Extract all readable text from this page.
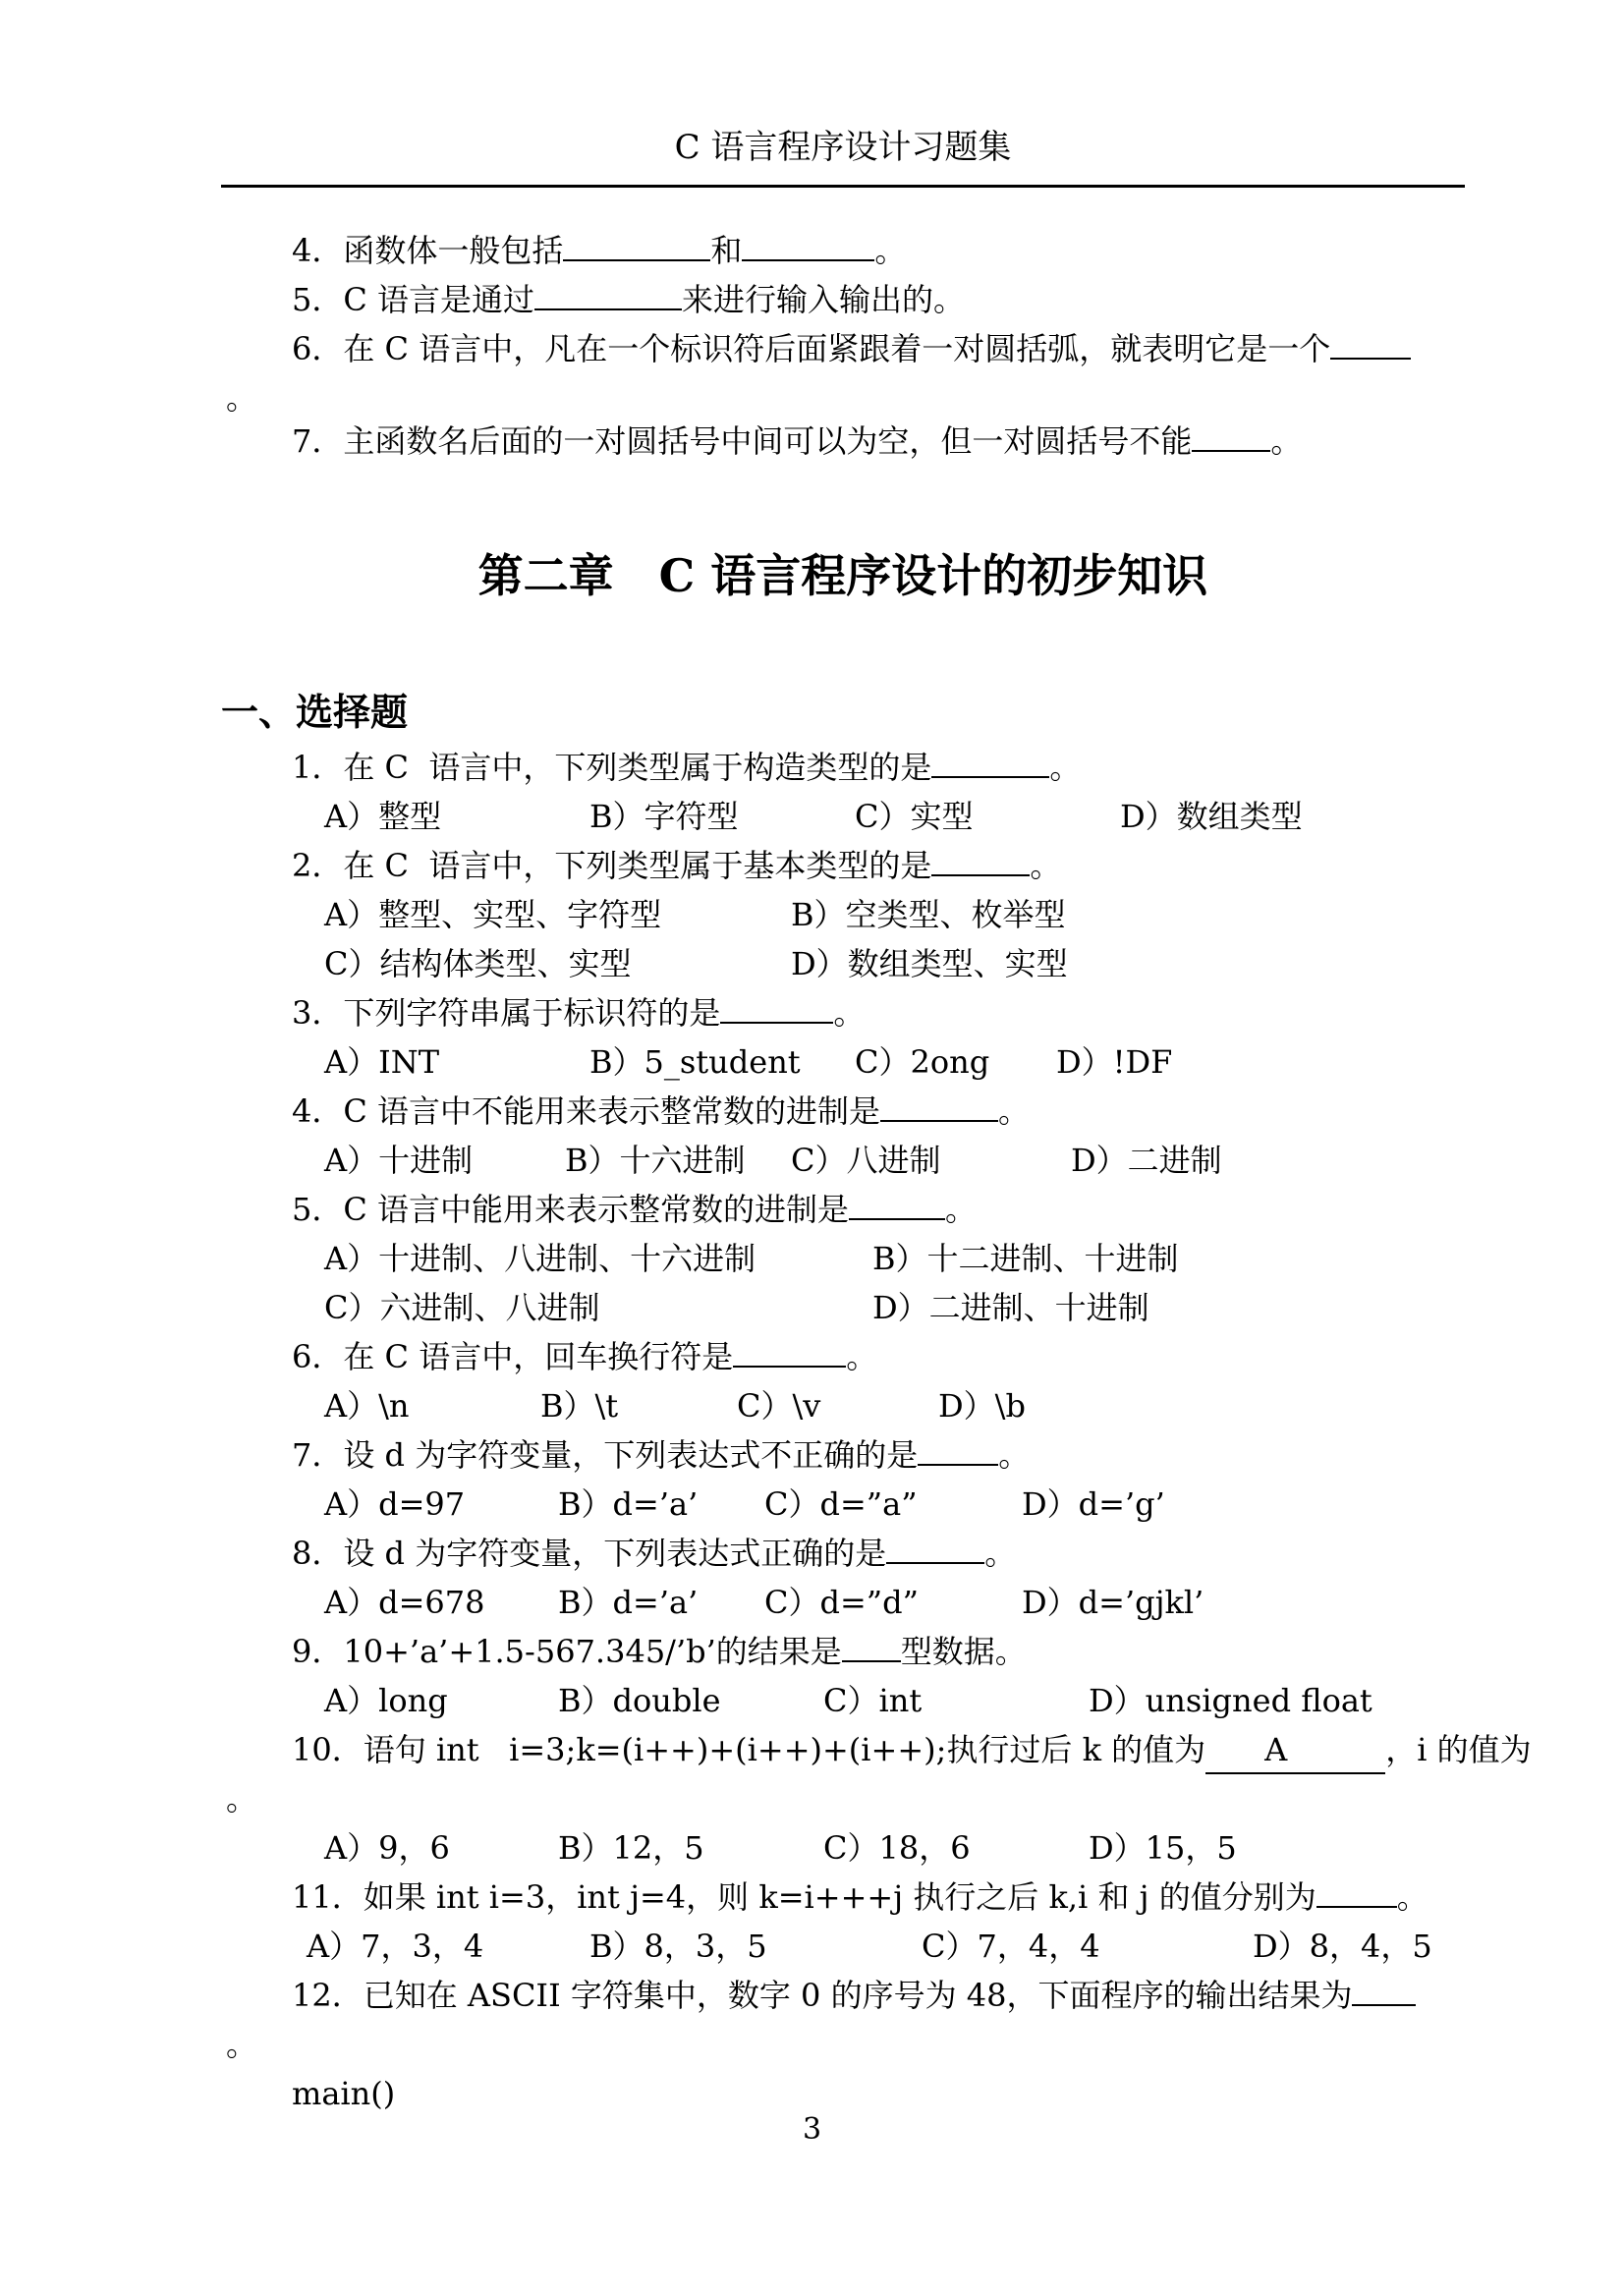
C 语言程序设计习题集
4．函数体一般包括	和	。
5．C 语言是通过	来进行输入输出的。
6．在 C 语言中，凡在一个标识符后面紧跟着一对圆括弧，就表明它是一个
。
7．主函数名后面的一对圆括号中间可以为空，但一对圆括号不能	。
第二章　C 语言程序设计的初步知识
一、选择题
1．在 C  语言中，下列类型属于构造类型的是	。
A）整型	B）字符型	C）实型	D）数组类型
2．在 C  语言中，下列类型属于基本类型的是	。
A）整型、实型、字符型	B）空类型、枚举型
C）结构体类型、实型	D）数组类型、实型
3．下列字符串属于标识符的是	。
A）INT	B）5_student C）2ong D）!DF
4．C 语言中不能用来表示整常数的进制是	。
A）十进制	B）十六进制 C）八进制	D）二进制
5．C 语言中能用来表示整常数的进制是	。
A）十进制、八进制、十六进制	B）十二进制、十进制
C）六进制、八进制	D）二进制、十进制
6．在 C 语言中，回车换行符是	。
A）\n	B）\t	C）\v	D）\b
7．设 d 为字符变量，下列表达式不正确的是	。
A）d=97	B）d=’a’ C）d=”a”	D）d=’g’
8．设 d 为字符变量，下列表达式正确的是	。
A）d=678 B）d=’a’ C）d=”d”	D）d=’gjkl’
9．10+’a’+1.5-567.345/’b’的结果是 型数据。
A）long	B）double	C）int	D）unsigned float
10．语句 int   i=3;k=(i++)+(i++)+(i++);执行过后 k 的值为 A	，i 的值为
。
A）9，6	B）12，5	C）18，6	D）15，5
11．如果 int i=3，int j=4，则 k=i+++j 执行之后 k,i 和 j 的值分别为	。
A）7，3，4	B）8，3，5	C）7，4，4	D）8，4，5
12．已知在 ASCII 字符集中，数字 0 的序号为 48，下面程序的输出结果为
。
main()
3
